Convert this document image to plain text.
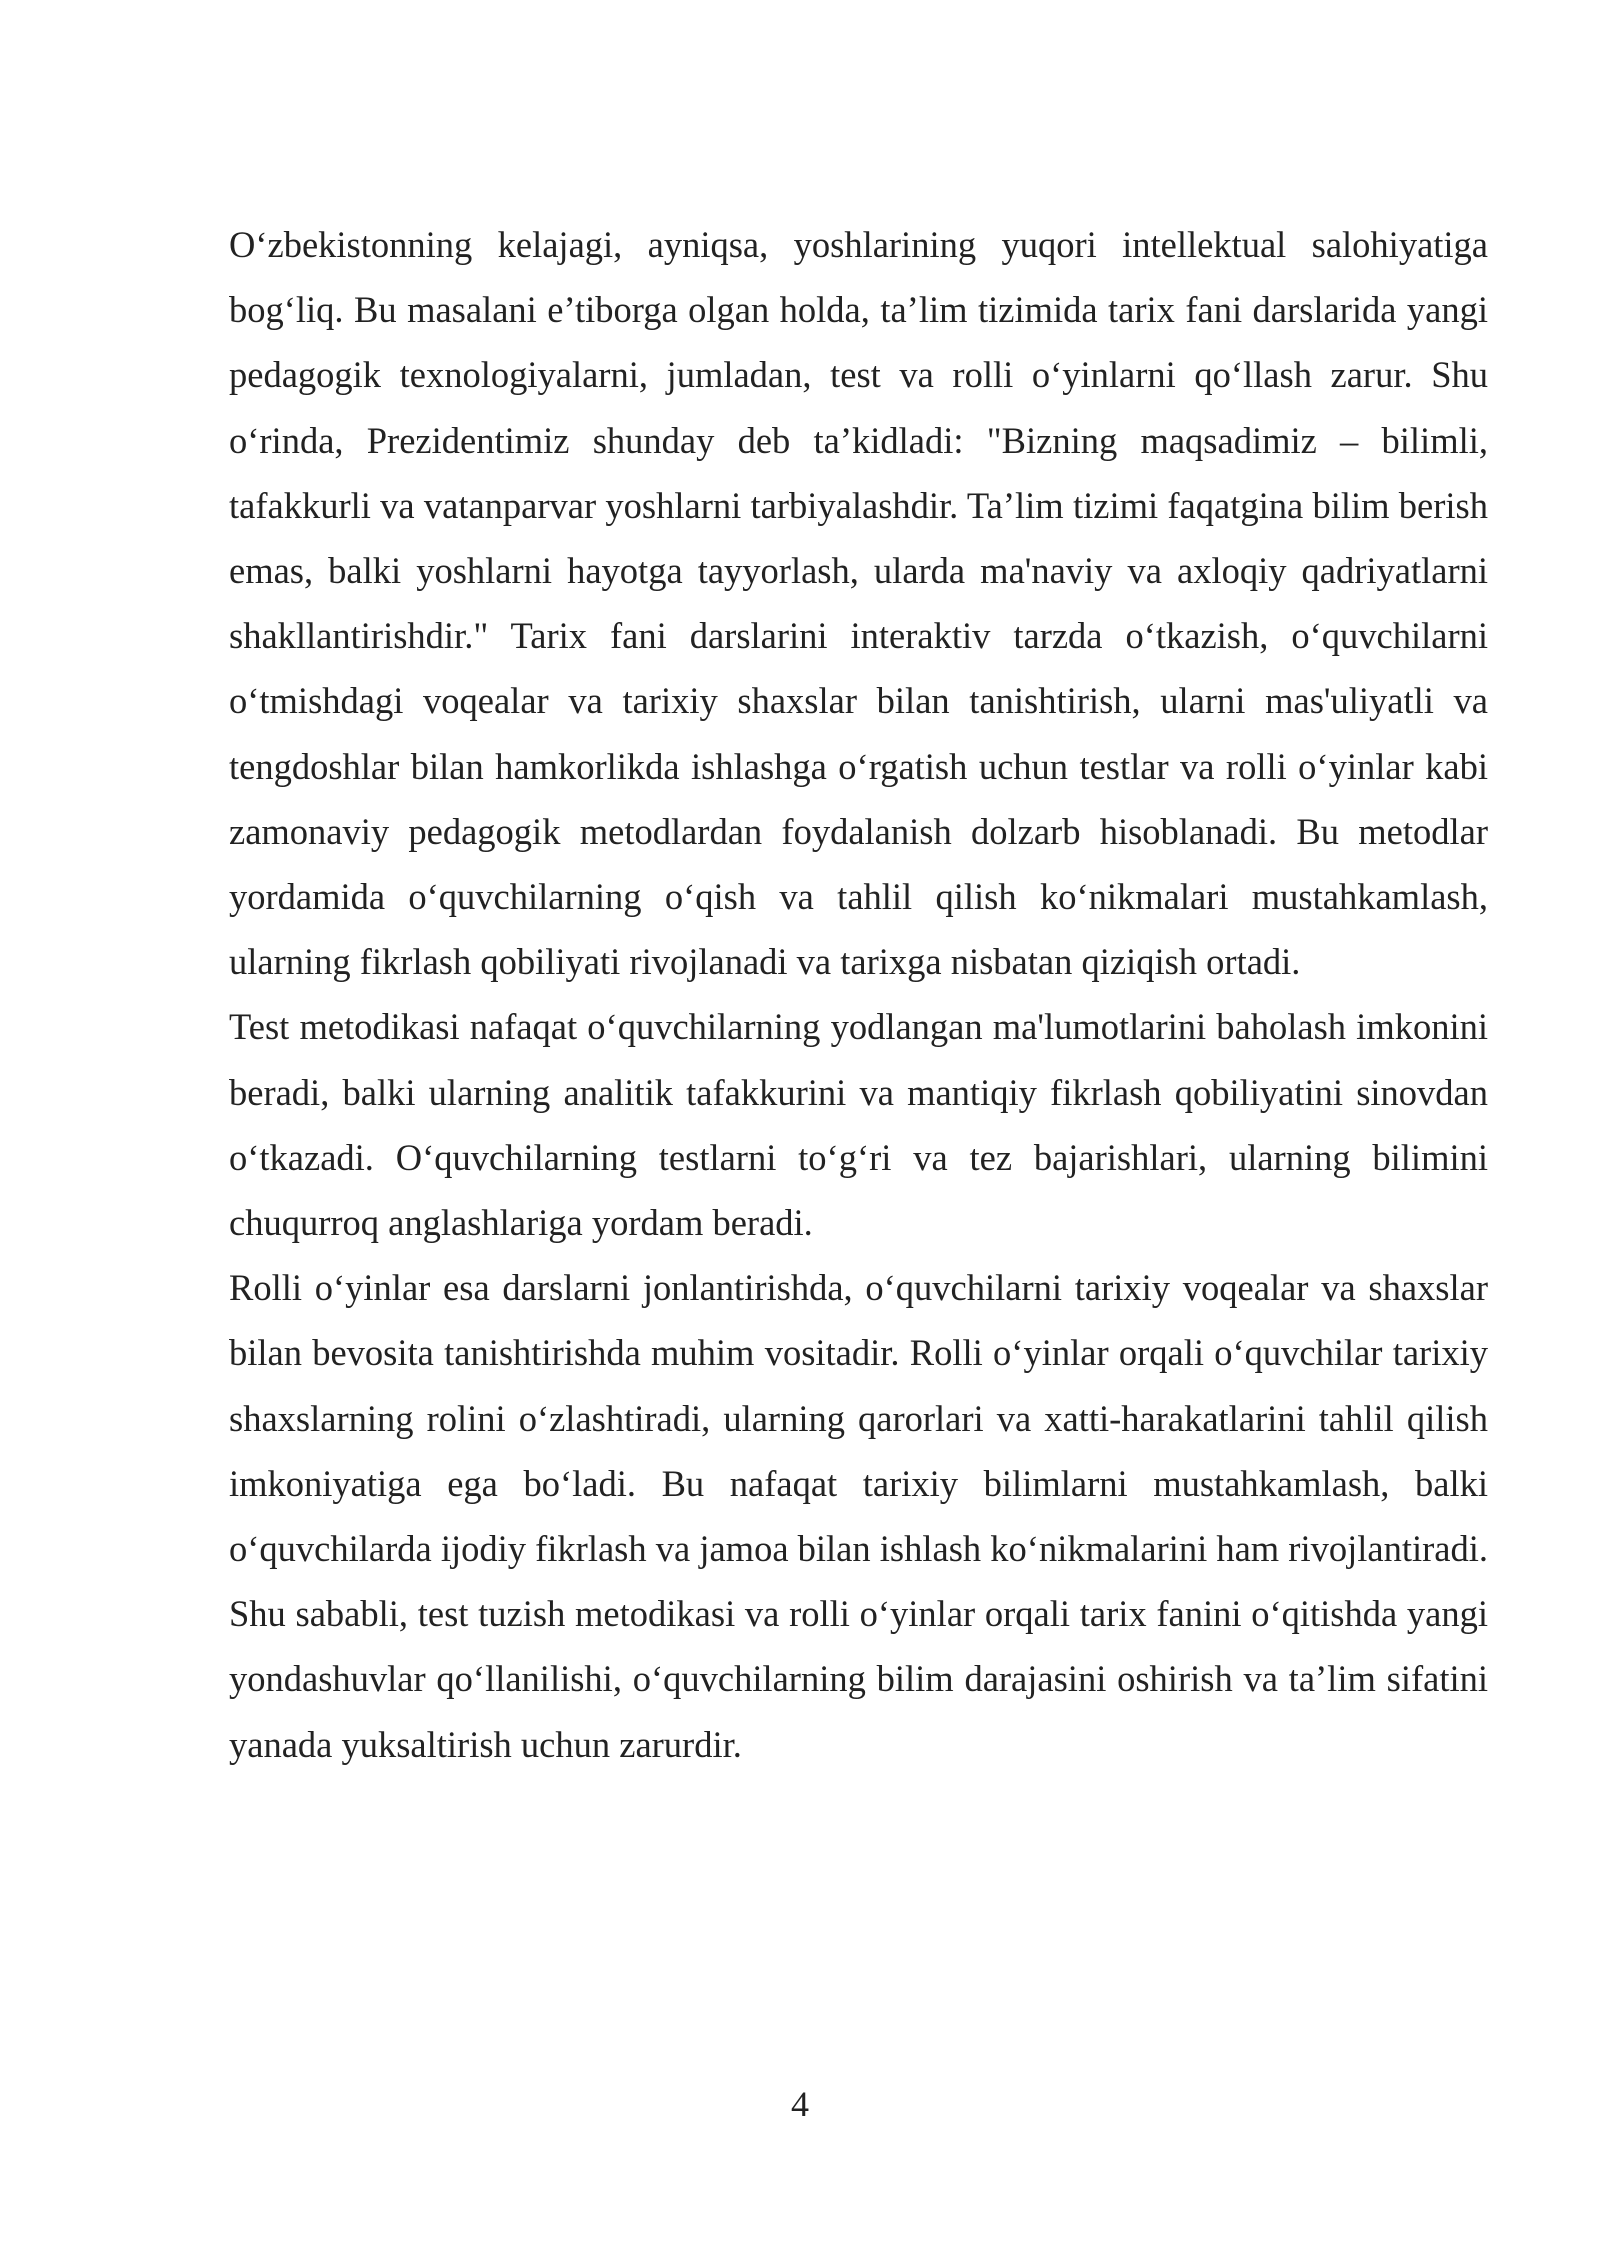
O‘zbekistonning kelajagi, ayniqsa, yoshlarining yuqori intellektual salohiyatiga bog‘liq. Bu masalani e’tiborga olgan holda, ta’lim tizimida tarix fani darslarida yangi pedagogik texnologiyalarni, jumladan, test va rolli o‘yinlarni qo‘llash zarur. Shu o‘rinda, Prezidentimiz shunday deb ta’kidladi: "Bizning maqsadimiz – bilimli, tafakkurli va vatanparvar yoshlarni tarbiyalashdir. Ta’lim tizimi faqatgina bilim berish emas, balki yoshlarni hayotga tayyorlash, ularda ma'naviy va axloqiy qadriyatlarni shakllantirishdir." Tarix fani darslarini interaktiv tarzda o‘tkazish, o‘quvchilarni o‘tmishdagi voqealar va tarixiy shaxslar bilan tanishtirish, ularni mas'uliyatli va tengdoshlar bilan hamkorlikda ishlashga o‘rgatish uchun testlar va rolli o‘yinlar kabi zamonaviy pedagogik metodlardan foydalanish dolzarb hisoblanadi. Bu metodlar yordamida o‘quvchilarning o‘qish va tahlil qilish ko‘nikmalari mustahkamlash, ularning fikrlash qobiliyati rivojlanadi va tarixga nisbatan qiziqish ortadi.

Test metodikasi nafaqat o‘quvchilarning yodlangan ma'lumotlarini baholash imkonini beradi, balki ularning analitik tafakkurini va mantiqiy fikrlash qobiliyatini sinovdan o‘tkazadi. O‘quvchilarning testlarni to‘g‘ri va tez bajarishlari, ularning bilimini chuqurroq anglashlariga yordam beradi.

Rolli o‘yinlar esa darslarni jonlantirishda, o‘quvchilarni tarixiy voqealar va shaxslar bilan bevosita tanishtirishda muhim vositadir. Rolli o‘yinlar orqali o‘quvchilar tarixiy shaxslarning rolini o‘zlashtiradi, ularning qarorlari va xatti-harakatlarini tahlil qilish imkoniyatiga ega bo‘ladi. Bu nafaqat tarixiy bilimlarni mustahkamlash, balki o‘quvchilarda ijodiy fikrlash va jamoa bilan ishlash ko‘nikmalarini ham rivojlantiradi. Shu sababli, test tuzish metodikasi va rolli o‘yinlar orqali tarix fanini o‘qitishda yangi yondashuvlar qo‘llanilishi, o‘quvchilarning bilim darajasini oshirish va ta’lim sifatini yanada yuksaltirish uchun zarurdir.

4
